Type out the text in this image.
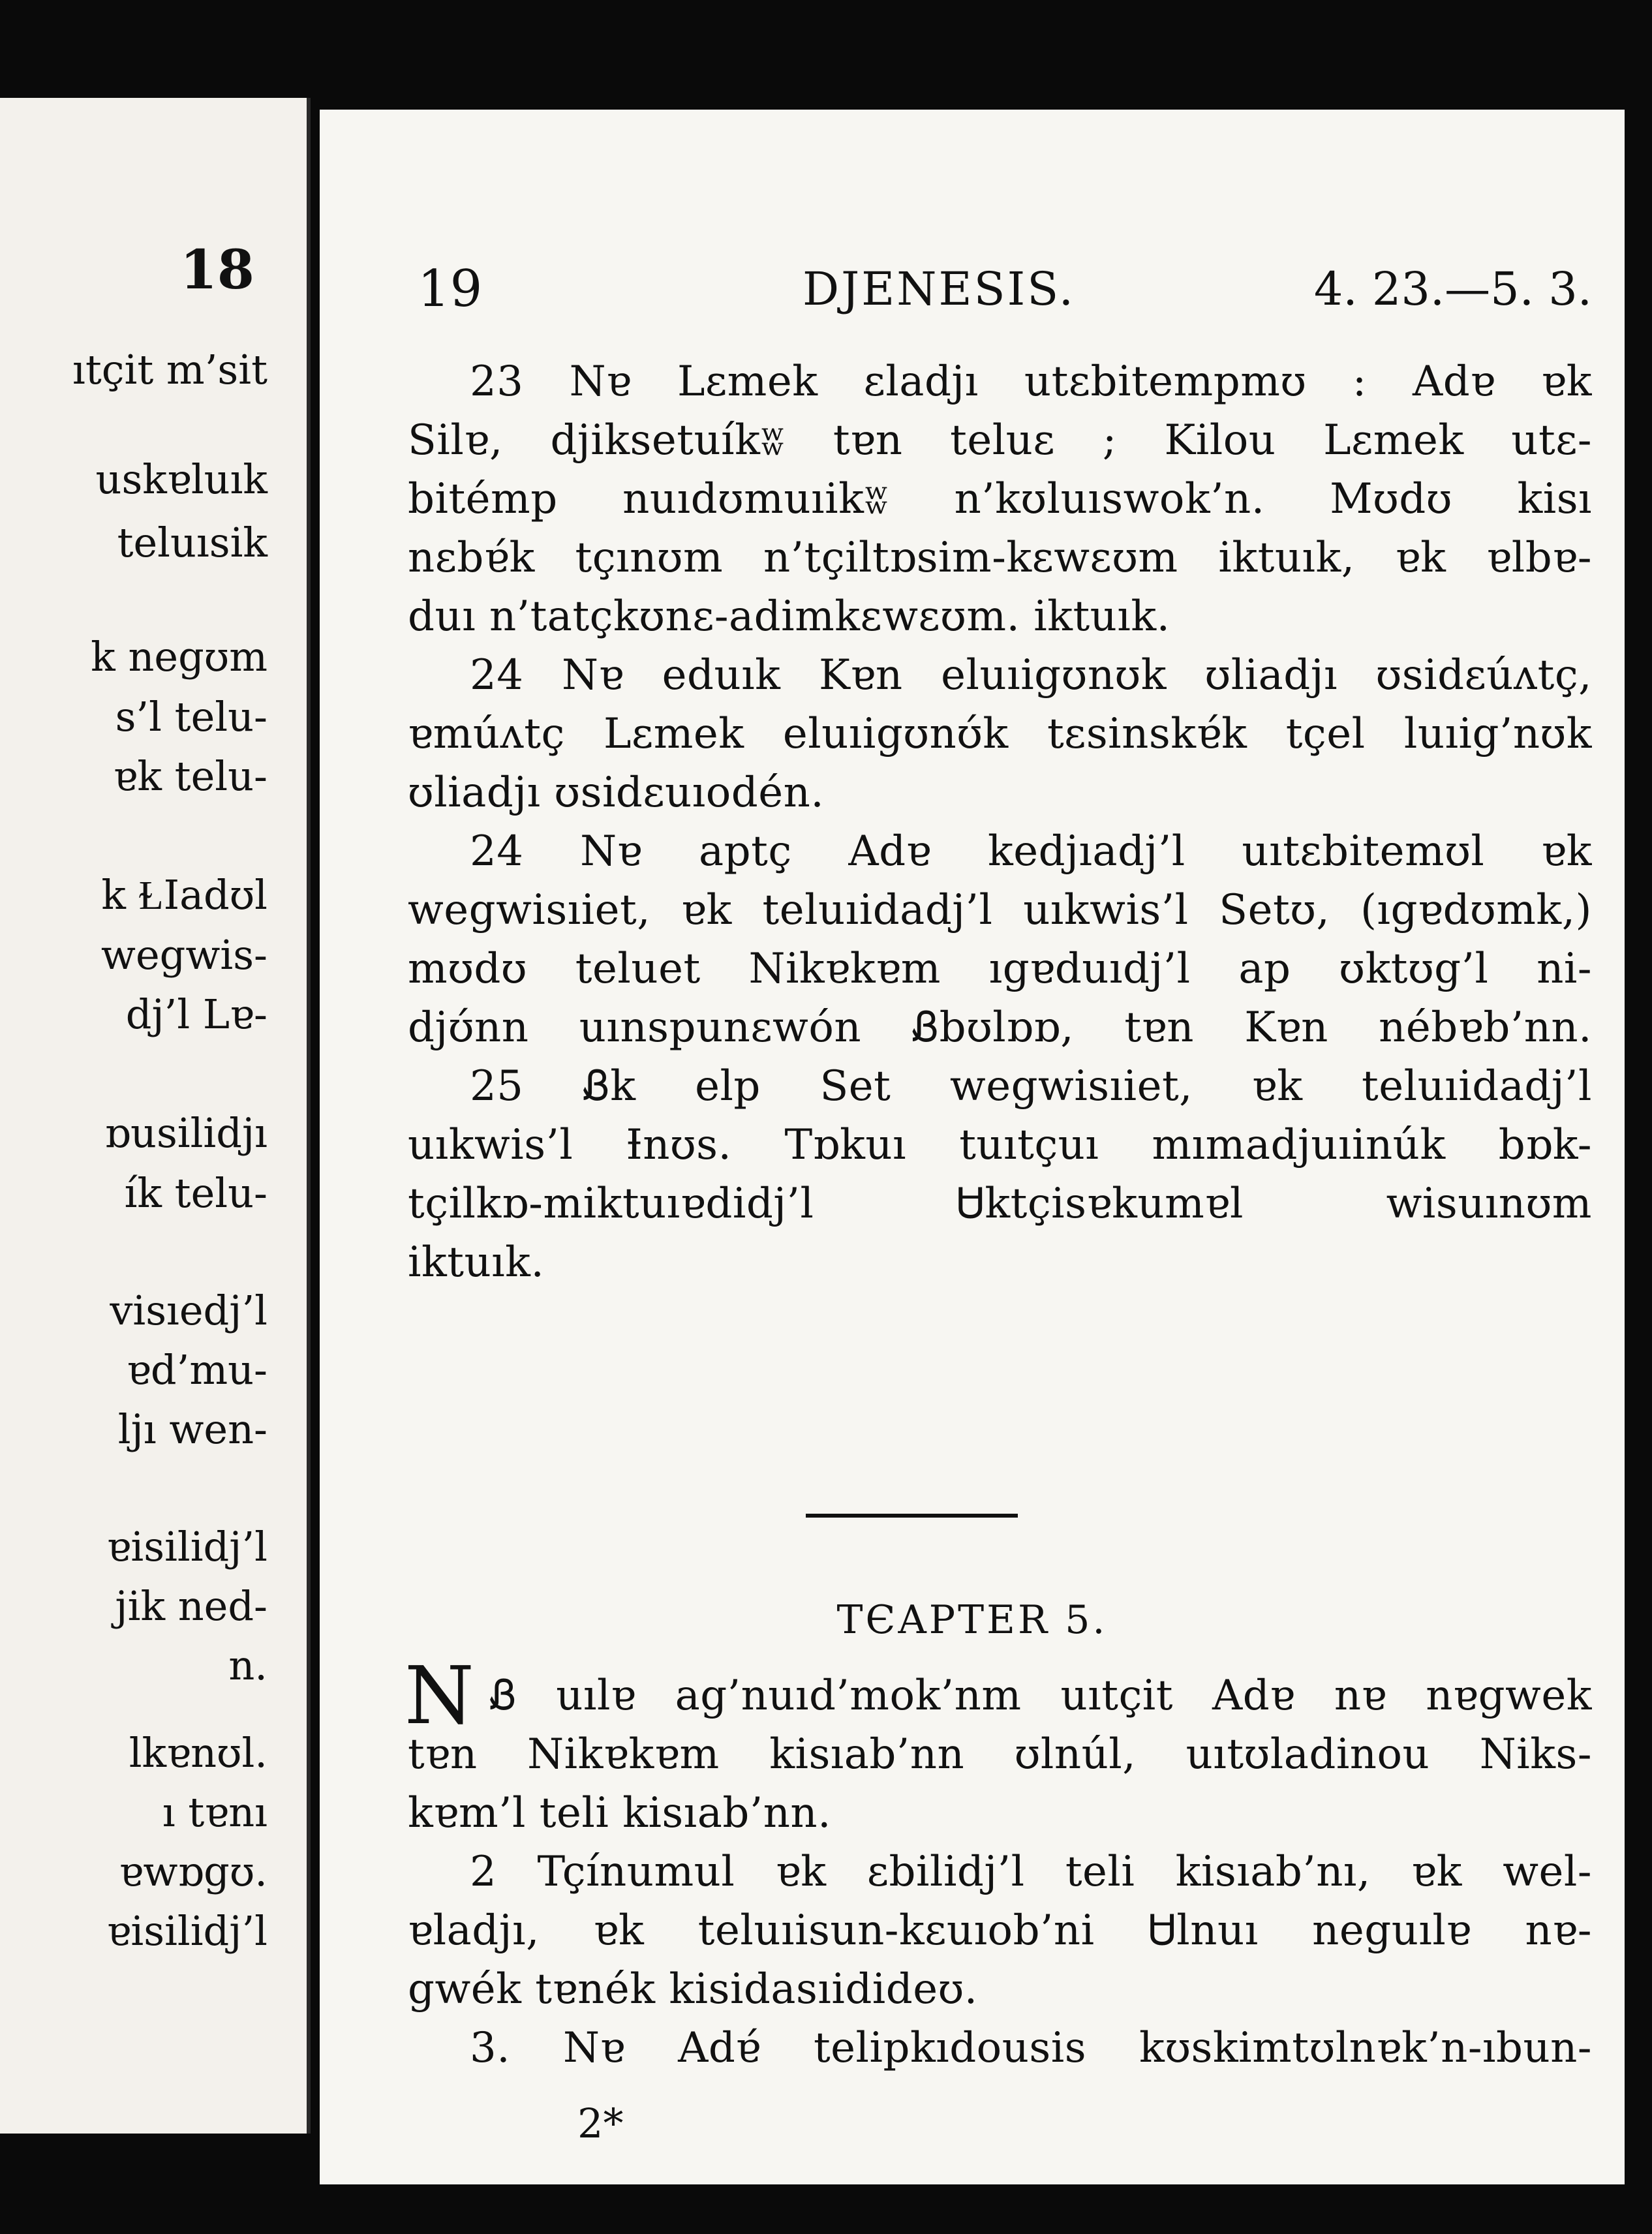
18
ıtçit m’sit
uskɐluık
teluısik
k negʊm
s’l telu-
ɐk telu-
k ⱢIadʊl
wegwis-
dj’l Lɐ-
ɒusilidjı
ík telu-
visıedj’l
ɐd’mu-
ljı wen-
ɐisilidj’l
jik ned-
n.
lkɐnʊl.
ı tɐnı
ɐwɒgʊ.
ɐisilidj’l
19	DJENESIS.	4. 23.—5. 3.
23 Nɐ Lɛmek ɛladjı utɛbitempmʊ : Adɐ ɐk
Silɐ, djiksetuíkʬ tɐn teluɛ ; Kilou Lɛmek utɛ-
bitémp nuıdʊmuıikʬ n’kʊluıswok’n. Mʊdʊ kisı
nɛbɐ́k tçınʊm n’tçiltɒsim-kɛwɛʊm iktuık, ɐk ɐlbɐ-
duı n’tatçkʊnɛ-adimkɛwɛʊm. iktuık.
24 Nɐ eduık Kɐn eluıigʊnʊk ʊliadjı ʊsidɛúʌtç,
ɐmúʌtç Lɛmek eluıigʊnʊ́k tɛsinskɐ́k tçel luıig’nʊk
ʊliadjı ʊsidɛuıodén.
24 Nɐ aptç Adɐ kedjıadj’l uıtɛbitemʊl ɐk
wegwisıiet, ɐk teluıidadj’l uıkwis’l Setʊ, (ıgɐdʊmk,)
mʊdʊ teluet Nikɐkɐm ıgɐduıdj’l ap ʊktʊg’l ni-
djʊ́nn uınspunɛwón Ᏸbʊlɒɒ, tɐn Kɐn nébɐb’nn.
25 Ᏸk elp Set wegwisıiet, ɐk teluıidadj’l
uıkwis’l Ɨnʊs. Tɒkuı tuıtçuı mımadjuıinúk bɒk-
tçilkɒ-miktuıɐdidj’l Ꮜktçisɐkumɐl wisuınʊm
iktuık.
TЄAPTER 5.
N Ᏸ uılɐ ag’nuıd’mok’nm uıtçit Adɐ nɐ nɐgwek
tɐn Nikɐkɐm kisıab’nn ʊlnúl, uıtʊladinou Niks-
kɐm’l teli kisıab’nn.
2 Tçínumul ɐk ɛbilidj’l teli kisıab’nı, ɐk wel-
ɐladjı, ɐk teluıisun-kɛuıob’ni Ꮜlnuı neguılɐ nɐ-
gwék tɐnék kisidasıidideʊ.
3. Nɐ Adɐ́ telipkıdousis kʊskimtʊlnɐk’n-ıbun-
2*
